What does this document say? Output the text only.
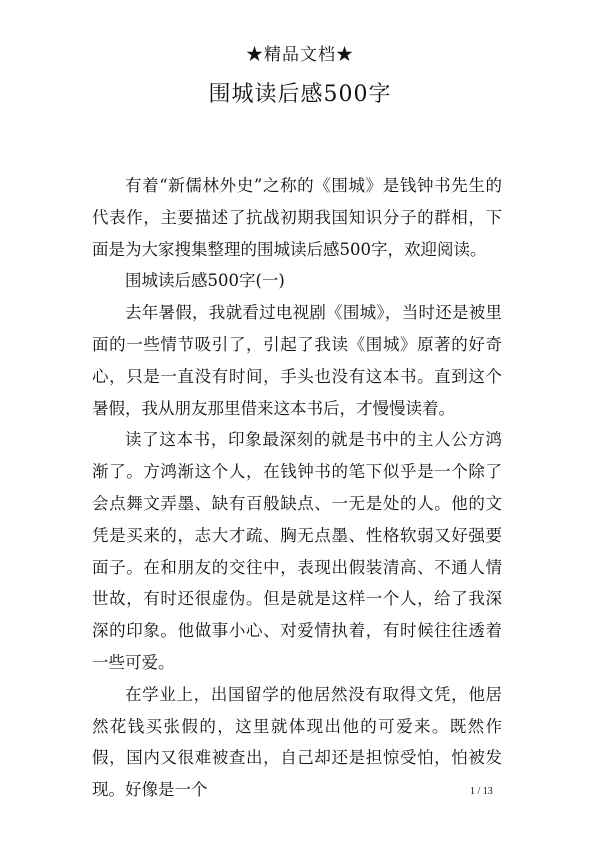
★精品文档★
围城读后感500字

有着“新儒林外史”之称的《围城》是钱钟书先生的代表作，主要描述了抗战初期我国知识分子的群相，下面是为大家搜集整理的围城读后感500字，欢迎阅读。

围城读后感500字(一)

去年暑假，我就看过电视剧《围城》，当时还是被里面的一些情节吸引了，引起了我读《围城》原著的好奇心，只是一直没有时间，手头也没有这本书。直到这个暑假，我从朋友那里借来这本书后，才慢慢读着。

读了这本书，印象最深刻的就是书中的主人公方鸿渐了。方鸿渐这个人，在钱钟书的笔下似乎是一个除了会点舞文弄墨、缺有百般缺点、一无是处的人。他的文凭是买来的，志大才疏、胸无点墨、性格软弱又好强要面子。在和朋友的交往中，表现出假装清高、不通人情世故，有时还很虚伪。但是就是这样一个人，给了我深深的印象。他做事小心、对爱情执着，有时候往往透着一些可爱。

在学业上，出国留学的他居然没有取得文凭，他居然花钱买张假的，这里就体现出他的可爱来。既然作假，国内又很难被查出，自己却还是担惊受怕，怕被发现。好像是一个	1 / 13
